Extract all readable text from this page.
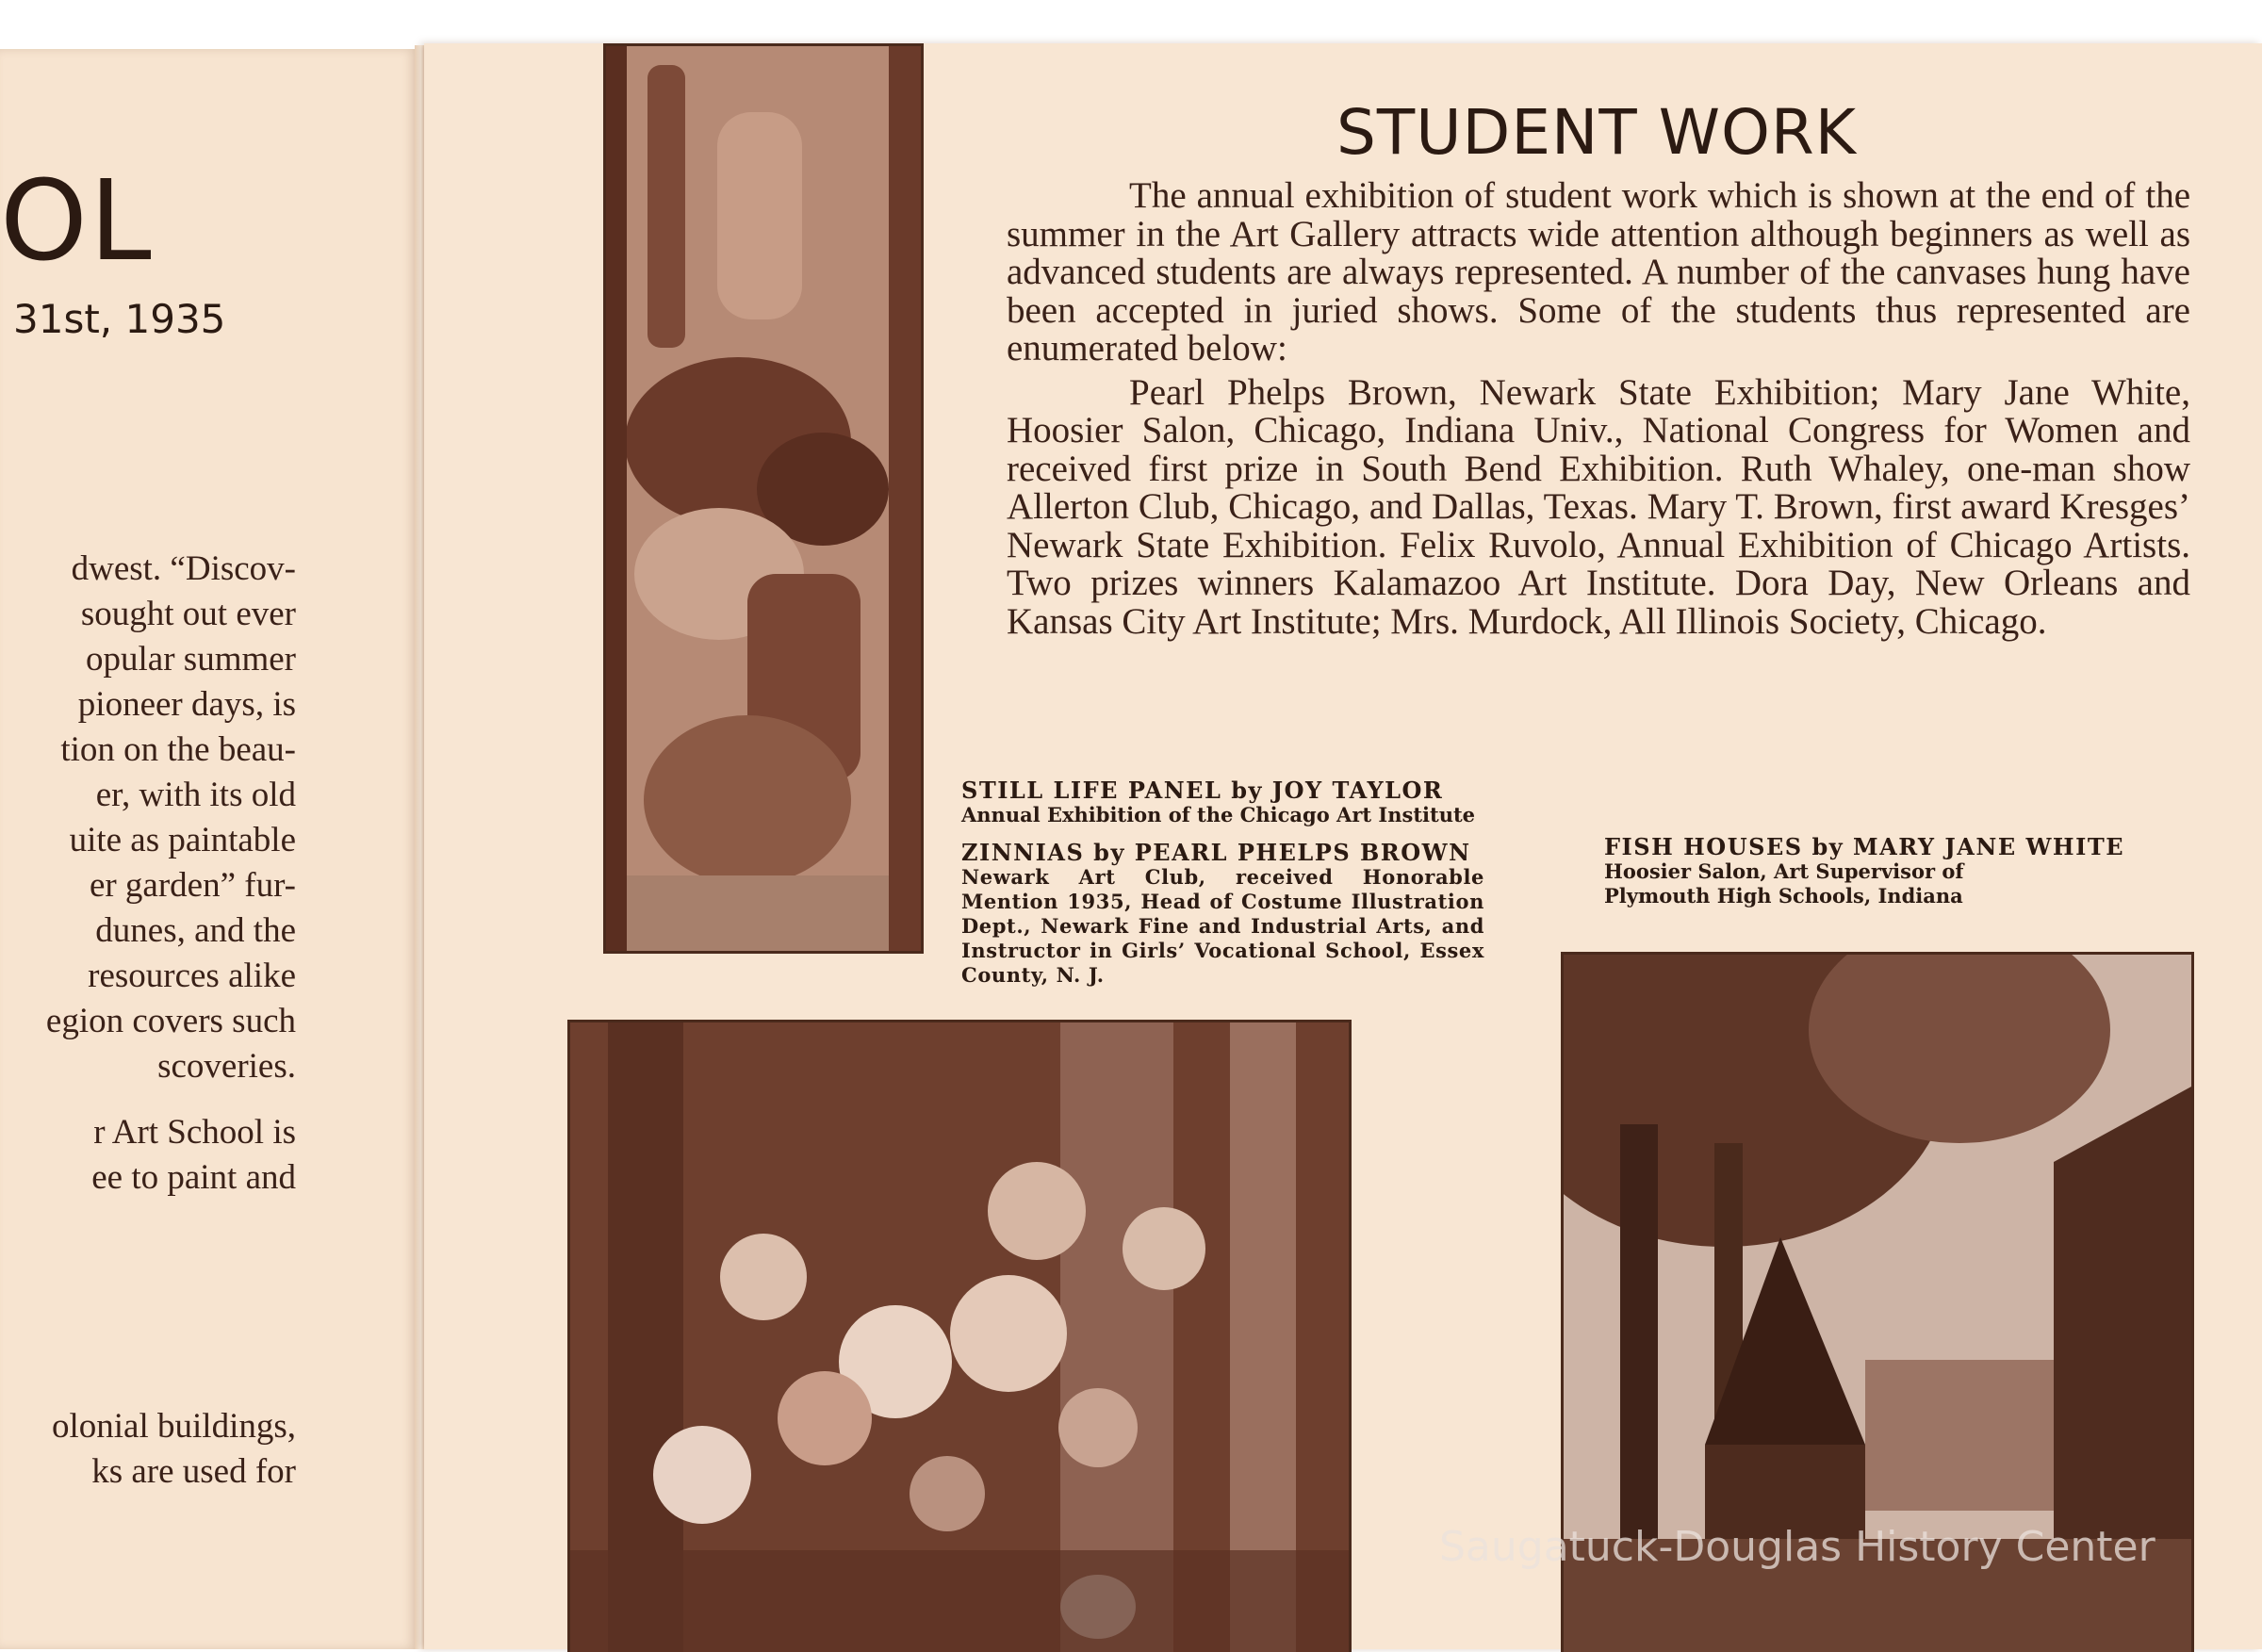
OL
31st, 1935
dwest. “Discov-
sought out ever
opular summer
pioneer days, is
tion on the beau-
er, with its old
uite as paintable
er garden” fur-
dunes, and the
resources alike
egion covers such
scoveries.
r Art School is
ee to paint and
olonial buildings,
ks are used for
STUDENT WORK

The annual exhibition of student work which is shown at the end of the summer in the Art Gallery attracts wide attention although beginners as well as advanced students are always represented. A number of the canvases hung have been accepted in juried shows. Some of the students thus represented are enumerated below:

Pearl Phelps Brown, Newark State Exhibition; Mary Jane White, Hoosier Salon, Chicago, Indiana Univ., National Congress for Women and received first prize in South Bend Exhibition. Ruth Whaley, one-man show Allerton Club, Chicago, and Dallas, Texas. Mary T. Brown, first award Kresges’ Newark State Exhibition. Felix Ruvolo, Annual Exhibition of Chicago Artists. Two prizes winners Kalamazoo Art Institute. Dora Day, New Orleans and Kansas City Art Institute; Mrs. Murdock, All Illinois Society, Chicago.

STILL LIFE PANEL by JOY TAYLOR
Annual Exhibition of the Chicago Art Institute
ZINNIAS by PEARL PHELPS BROWN
Newark Art Club, received Honorable Mention 1935, Head of Costume Illustration Dept., Newark Fine and Industrial Arts, and Instructor in Girls’ Vocational School, Essex County, N. J.
FISH HOUSES by MARY JANE WHITE
Hoosier Salon, Art Supervisor of
Plymouth High Schools, Indiana
Saugatuck-Douglas History Center
